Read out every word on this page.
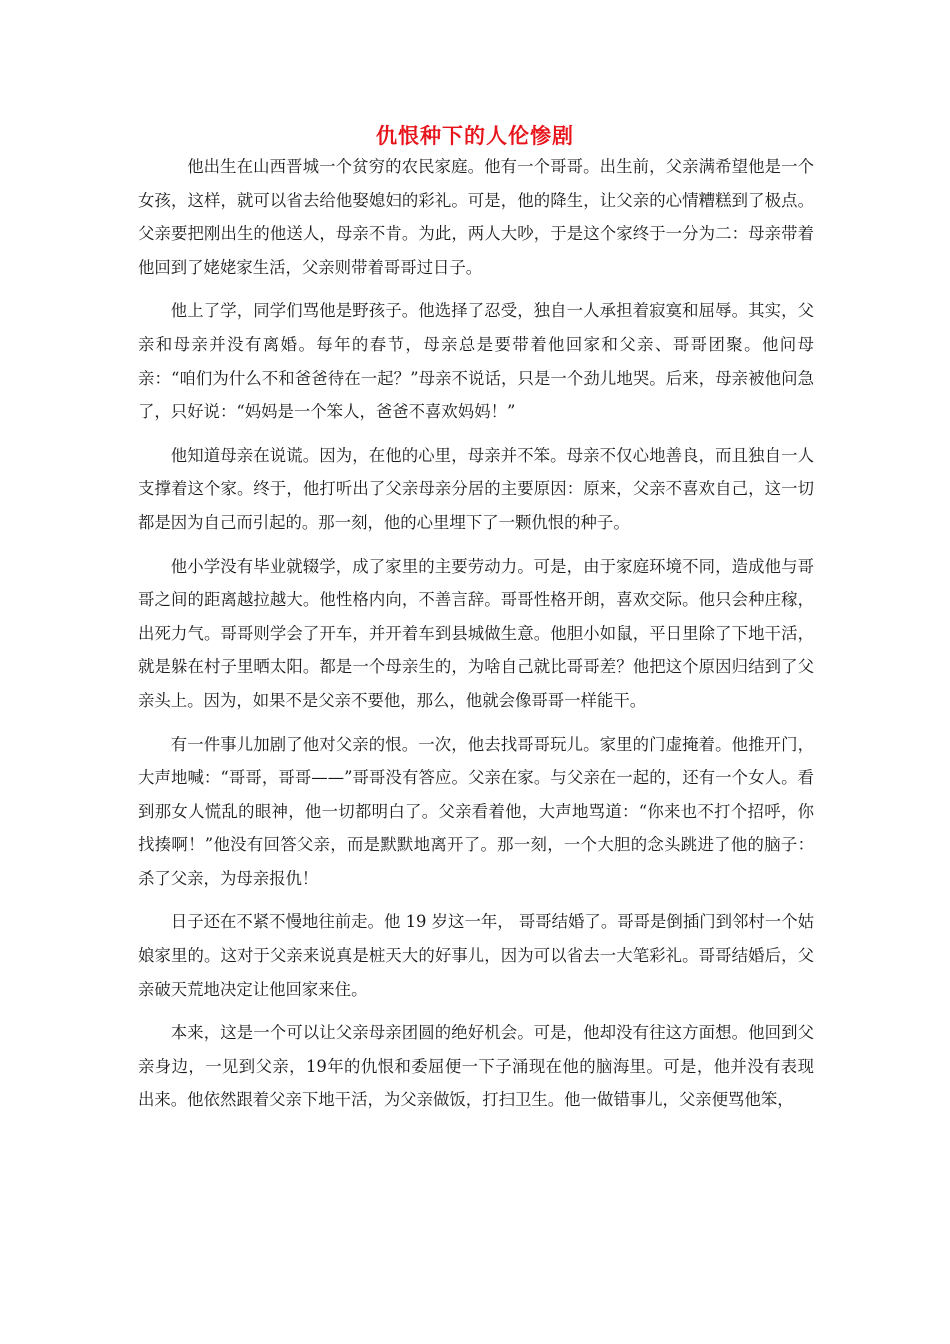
仇恨种下的人伦惨剧

他出生在山西晋城一个贫穷的农民家庭。他有一个哥哥。出生前，父亲满希望他是一个女孩，这样，就可以省去给他娶媳妇的彩礼。可是，他的降生，让父亲的心情糟糕到了极点。父亲要把刚出生的他送人，母亲不肯。为此，两人大吵，于是这个家终于一分为二：母亲带着他回到了姥姥家生活，父亲则带着哥哥过日子。

他上了学，同学们骂他是野孩子。他选择了忍受，独自一人承担着寂寞和屈辱。其实，父亲和母亲并没有离婚。每年的春节，母亲总是要带着他回家和父亲、哥哥团聚。他问母亲：“咱们为什么不和爸爸待在一起？”母亲不说话，只是一个劲儿地哭。后来，母亲被他问急了，只好说：“妈妈是一个笨人，爸爸不喜欢妈妈！”

他知道母亲在说谎。因为，在他的心里，母亲并不笨。母亲不仅心地善良，而且独自一人支撑着这个家。终于，他打听出了父亲母亲分居的主要原因：原来，父亲不喜欢自己，这一切都是因为自己而引起的。那一刻，他的心里埋下了一颗仇恨的种子。

他小学没有毕业就辍学，成了家里的主要劳动力。可是，由于家庭环境不同，造成他与哥哥之间的距离越拉越大。他性格内向，不善言辞。哥哥性格开朗，喜欢交际。他只会种庄稼，出死力气。哥哥则学会了开车，并开着车到县城做生意。他胆小如鼠，平日里除了下地干活，就是躲在村子里晒太阳。都是一个母亲生的，为啥自己就比哥哥差？他把这个原因归结到了父亲头上。因为，如果不是父亲不要他，那么，他就会像哥哥一样能干。

有一件事儿加剧了他对父亲的恨。一次，他去找哥哥玩儿。家里的门虚掩着。他推开门，大声地喊：“哥哥，哥哥——”哥哥没有答应。父亲在家。与父亲在一起的，还有一个女人。看到那女人慌乱的眼神，他一切都明白了。父亲看着他，大声地骂道：“你来也不打个招呼，你找揍啊！”他没有回答父亲，而是默默地离开了。那一刻，一个大胆的念头跳进了他的脑子：杀了父亲，为母亲报仇！

日子还在不紧不慢地往前走。他 19 岁这一年， 哥哥结婚了。哥哥是倒插门到邻村一个姑娘家里的。这对于父亲来说真是桩天大的好事儿，因为可以省去一大笔彩礼。哥哥结婚后，父亲破天荒地决定让他回家来住。

本来，这是一个可以让父亲母亲团圆的绝好机会。可是，他却没有往这方面想。他回到父亲身边，一见到父亲，19年的仇恨和委屈便一下子涌现在他的脑海里。可是，他并没有表现出来。他依然跟着父亲下地干活，为父亲做饭，打扫卫生。他一做错事儿，父亲便骂他笨，
